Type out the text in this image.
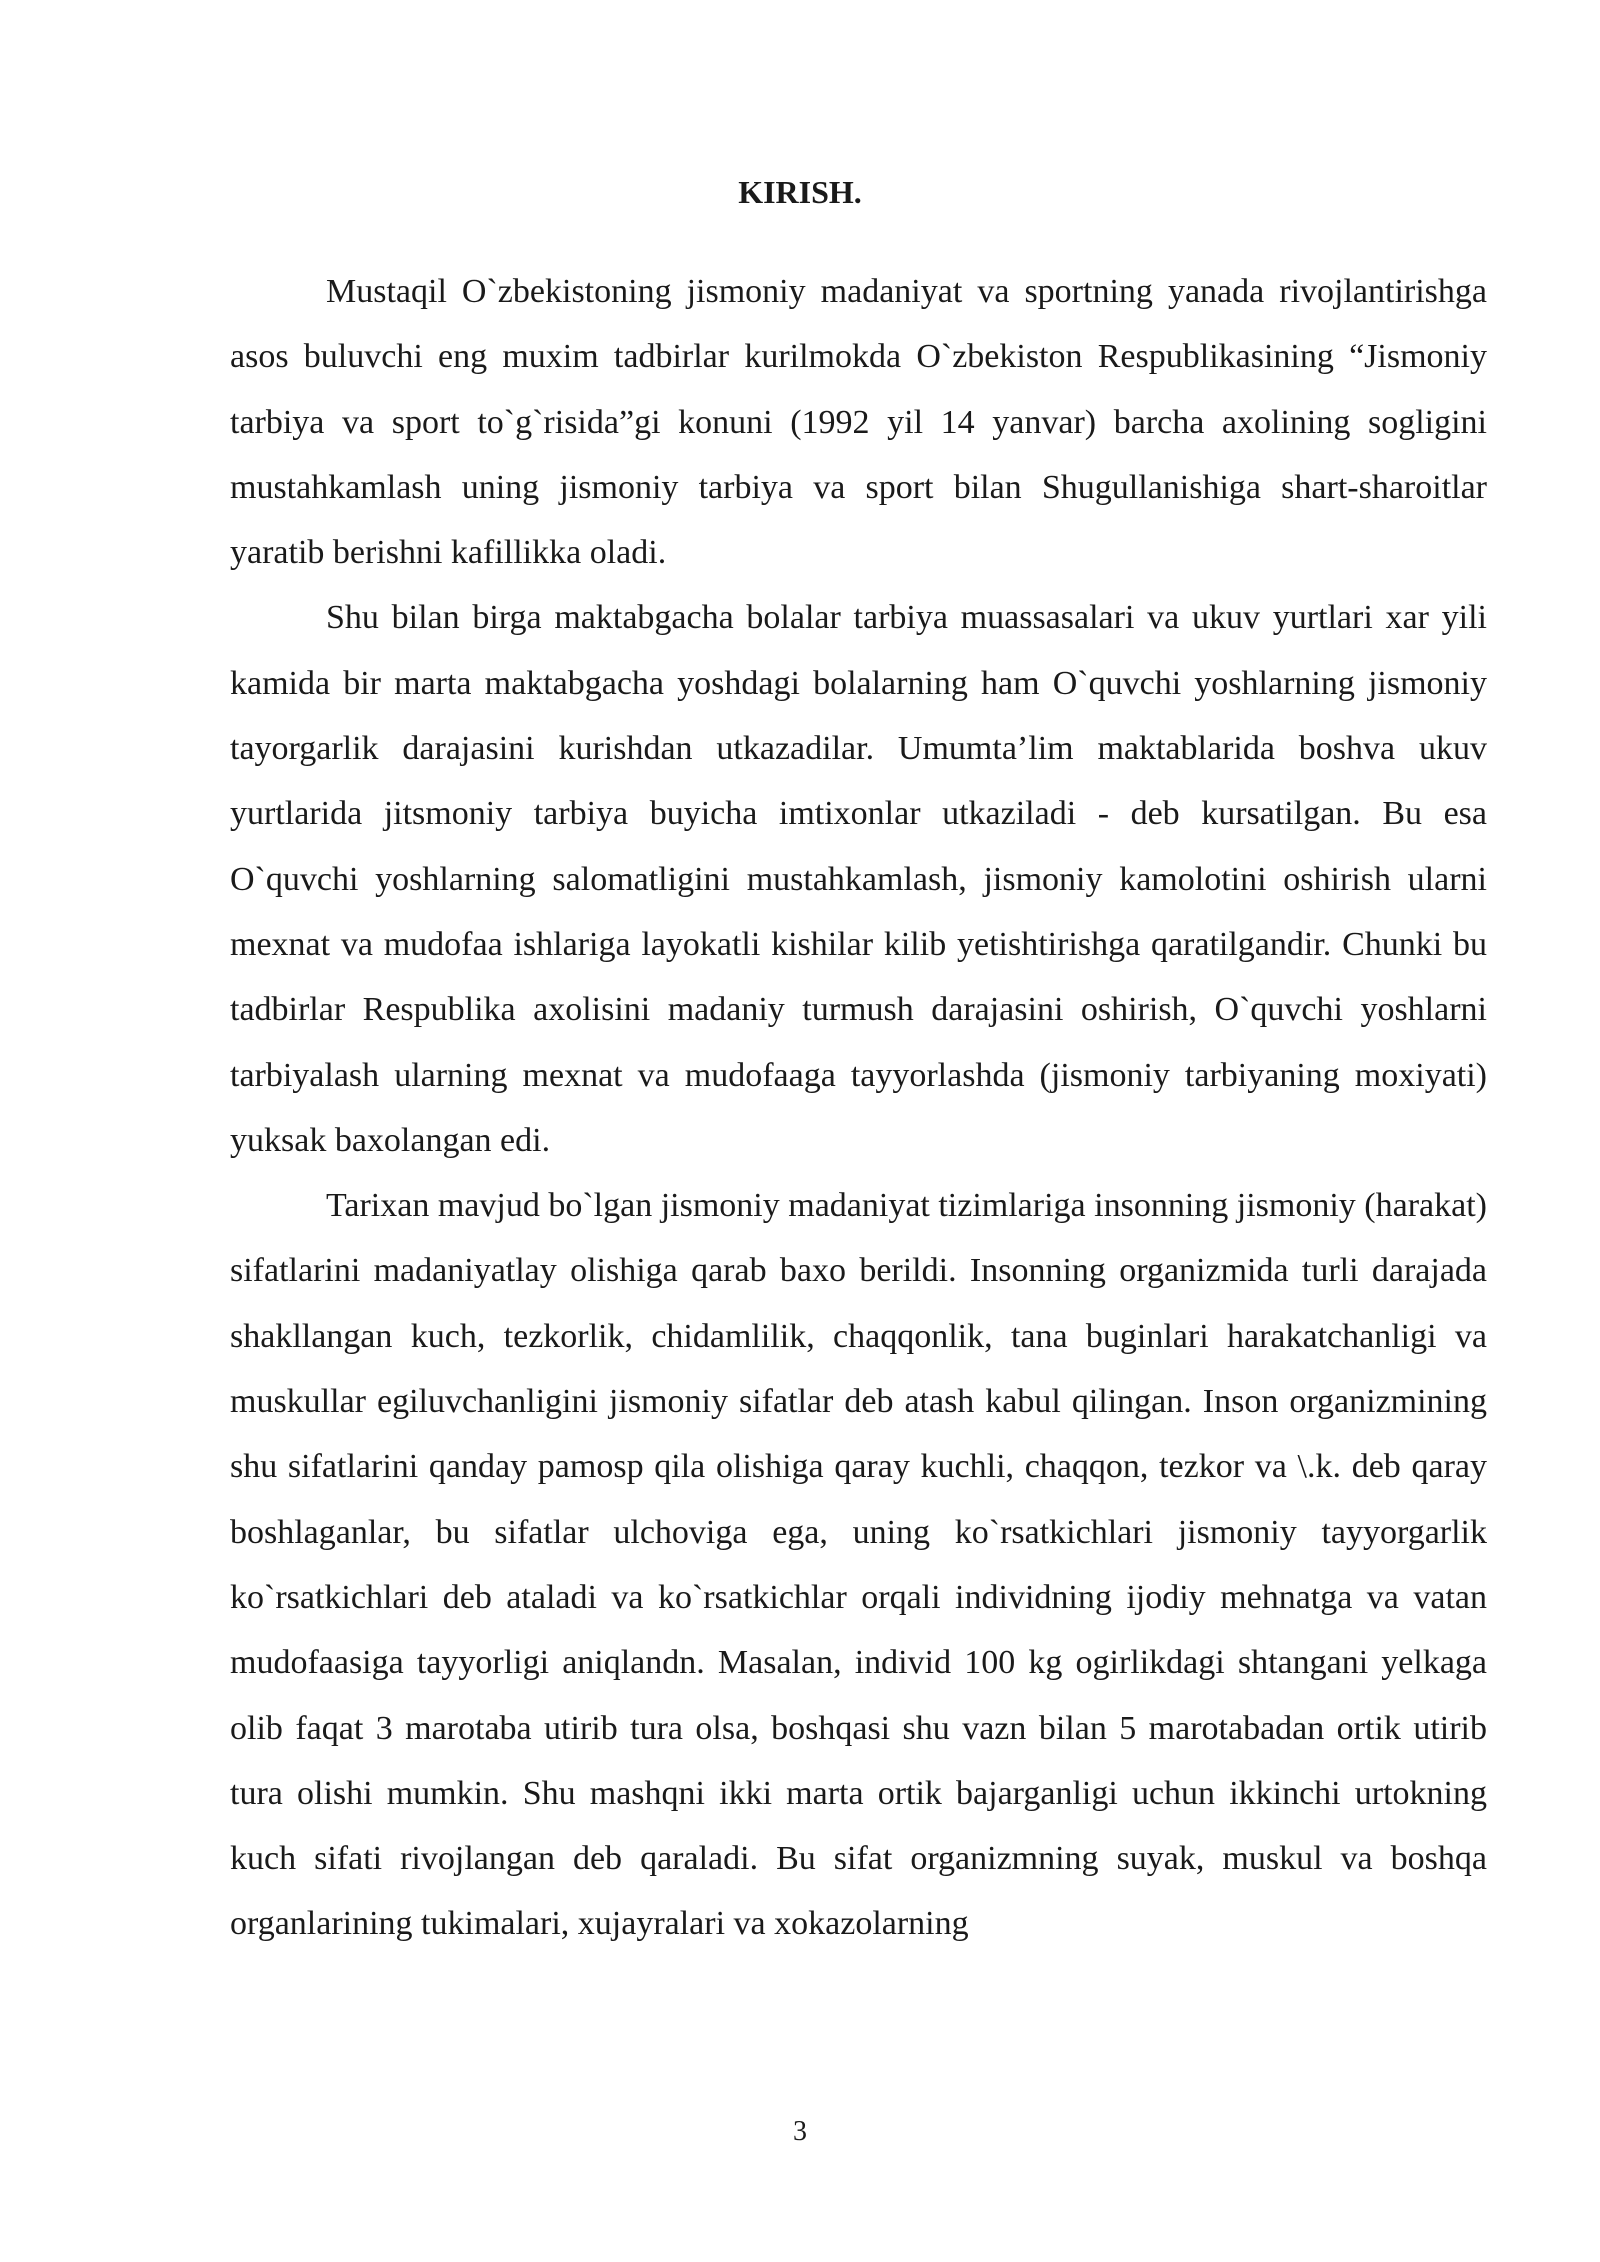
KIRISH.

Mustaqil O`zbekistoning jismoniy madaniyat va sportning yanada rivojlantirishga asos buluvchi eng muxim tadbirlar kurilmokda O`zbekiston Respublikasining “Jismoniy tarbiya va sport to`g`risida”gi konuni (1992 yil 14 yanvar) barcha axolining sogligini mustahkamlash uning jismoniy tarbiya va sport bilan Shugullanishiga shart-sharoitlar yaratib berishni kafillikka oladi.

Shu bilan birga maktabgacha bolalar tarbiya muassasalari va ukuv yurtlari xar yili kamida bir marta maktabgacha yoshdagi bolalarning ham O`quvchi yoshlarning jismoniy tayorgarlik darajasini kurishdan utkazadilar. Umumta’lim maktablarida boshva ukuv yurtlarida jitsmoniy tarbiya buyicha imtixonlar utkaziladi - deb kursatilgan. Bu esa O`quvchi yoshlarning salomatligini mustahkamlash, jismoniy kamolotini oshirish ularni mexnat va mudofaa ishlariga layokatli kishilar kilib yetishtirishga qaratilgandir. Chunki bu tadbirlar Respublika axolisini madaniy turmush darajasini oshirish, O`quvchi yoshlarni tarbiyalash ularning mexnat va mudofaaga tayyorlashda (jismoniy tarbiyaning moxiyati) yuksak baxolangan edi.

Tarixan mavjud bo`lgan jismoniy madaniyat tizimlariga insonning jismoniy (harakat) sifatlarini madaniyatlay olishiga qarab baxo berildi. Insonning organizmida turli darajada shakllangan kuch, tezkorlik, chidamlilik, chaqqonlik, tana buginlari harakatchanligi va muskullar egiluvchanligini jismoniy sifatlar deb atash kabul qilingan. Inson organizmining shu sifatlarini qanday pamosp qila olishiga qaray kuchli, chaqqon, tezkor va \.k. deb qaray boshlaganlar, bu sifatlar ulchoviga ega, uning ko`rsatkichlari jismoniy tayyorgarlik ko`rsatkichlari deb ataladi va ko`rsatkichlar orqali individning ijodiy mehnatga va vatan mudofaasiga tayyorligi aniqlandn. Masalan, individ 100 kg ogirlikdagi shtangani yelkaga olib faqat 3 marotaba utirib tura olsa, boshqasi shu vazn bilan 5 marotabadan ortik utirib tura olishi mumkin. Shu mashqni ikki marta ortik bajarganligi uchun ikkinchi urtokning kuch sifati rivojlangan deb qaraladi. Bu sifat organizmning suyak, muskul va boshqa organlarining tukimalari, xujayralari va xokazolarning

3
